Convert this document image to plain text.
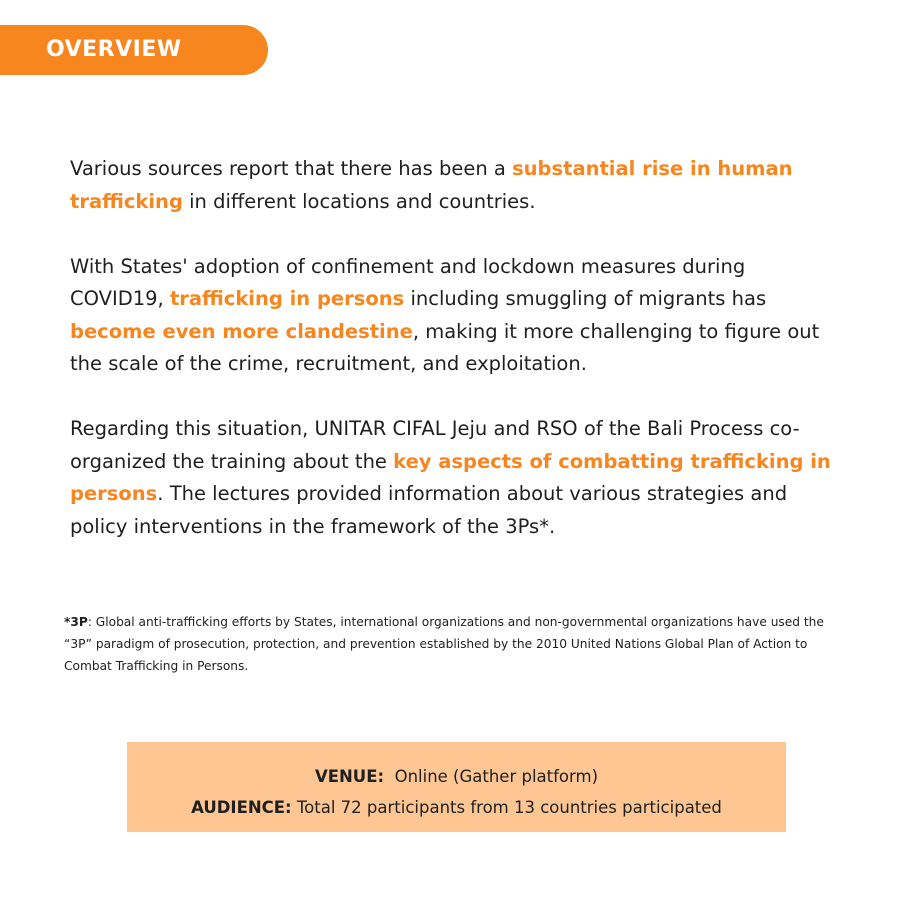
OVERVIEW

Various sources report that there has been a substantial rise in human trafficking in different locations and countries.

With States' adoption of confinement and lockdown measures during COVID19, trafficking in persons including smuggling of migrants has become even more clandestine, making it more challenging to figure out the scale of the crime, recruitment, and exploitation.

Regarding this situation, UNITAR CIFAL Jeju and RSO of the Bali Process co-organized the training about the key aspects of combatting trafficking in persons. The lectures provided information about various strategies and policy interventions in the framework of the 3Ps*.

*3P: Global anti-trafficking efforts by States, international organizations and non-governmental organizations have used the “3P” paradigm of prosecution, protection, and prevention established by the 2010 United Nations Global Plan of Action to Combat Trafficking in Persons.
VENUE: Online (Gather platform)
AUDIENCE: Total 72 participants from 13 countries participated
